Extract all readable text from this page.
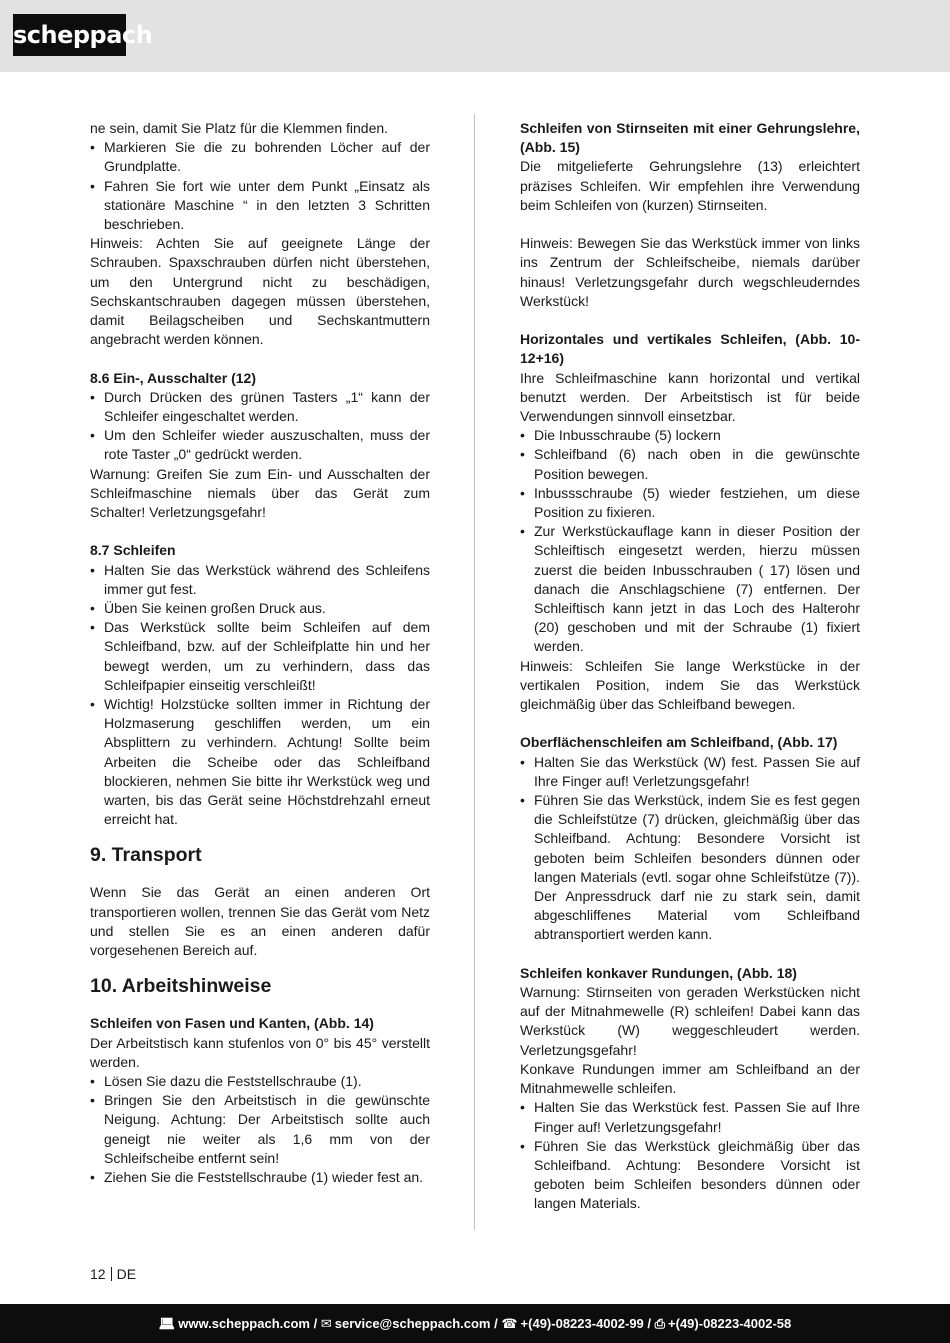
scheppach

ne sein, damit Sie Platz für die Klemmen finden.

• Markieren Sie die zu bohrenden Löcher auf der Grundplatte.
• Fahren Sie fort wie unter dem Punkt „Einsatz als stationäre Maschine “ in den letzten 3 Schritten beschrieben.

Hinweis: Achten Sie auf geeignete Länge der Schrauben. Spaxschrauben dürfen nicht überstehen, um den Untergrund nicht zu beschädigen, Sechskantschrauben dagegen müssen überstehen, damit Beilagscheiben und Sechskantmuttern angebracht werden können.

8.6 Ein-, Ausschalter (12)
• Durch Drücken des grünen Tasters „1“ kann der Schleifer eingeschaltet werden.
• Um den Schleifer wieder auszuschalten, muss der rote Taster „0“ gedrückt werden.

Warnung: Greifen Sie zum Ein- und Ausschalten der Schleifmaschine niemals über das Gerät zum Schalter! Verletzungsgefahr!

8.7 Schleifen
• Halten Sie das Werkstück während des Schleifens immer gut fest.
• Üben Sie keinen großen Druck aus.
• Das Werkstück sollte beim Schleifen auf dem Schleifband, bzw. auf der Schleifplatte hin und her bewegt werden, um zu verhindern, dass das Schleifpapier einseitig verschleißt!
• Wichtig! Holzstücke sollten immer in Richtung der Holzmaserung geschliffen werden, um ein Absplittern zu verhindern. Achtung! Sollte beim Arbeiten die Scheibe oder das Schleifband blockieren, nehmen Sie bitte ihr Werkstück weg und warten, bis das Gerät seine Höchstdrehzahl erneut erreicht hat.
9. Transport

Wenn Sie das Gerät an einen anderen Ort transportieren wollen, trennen Sie das Gerät vom Netz und stellen Sie es an einen anderen dafür vorgesehenen Bereich auf.

10. Arbeitshinweise
Schleifen von Fasen und Kanten, (Abb. 14)

Der Arbeitstisch kann stufenlos von 0° bis 45° verstellt werden.

• Lösen Sie dazu die Feststellschraube (1).
• Bringen Sie den Arbeitstisch in die gewünschte Neigung. Achtung: Der Arbeitstisch sollte auch geneigt nie weiter als 1,6 mm von der Schleifscheibe entfernt sein!
• Ziehen Sie die Feststellschraube (1) wieder fest an.
Schleifen von Stirnseiten mit einer Gehrungslehre, (Abb. 15)

Die mitgelieferte Gehrungslehre (13) erleichtert präzises Schleifen. Wir empfehlen ihre Verwendung beim Schleifen von (kurzen) Stirnseiten.

Hinweis: Bewegen Sie das Werkstück immer von links ins Zentrum der Schleifscheibe, niemals darüber hinaus! Verletzungsgefahr durch wegschleuderndes Werkstück!

Horizontales und vertikales Schleifen, (Abb. 10-12+16)

Ihre Schleifmaschine kann horizontal und vertikal benutzt werden. Der Arbeitstisch ist für beide Verwendungen sinnvoll einsetzbar.

• Die Inbusschraube (5) lockern
• Schleifband (6) nach oben in die gewünschte Position bewegen.
• Inbussschraube (5) wieder festziehen, um diese Position zu fixieren.
• Zur Werkstückauflage kann in dieser Position der Schleiftisch eingesetzt werden, hierzu müssen zuerst die beiden Inbusschrauben ( 17) lösen und danach die Anschlagschiene (7) entfernen. Der Schleiftisch kann jetzt in das Loch des Halterohr (20) geschoben und mit der Schraube (1) fixiert werden.

Hinweis: Schleifen Sie lange Werkstücke in der vertikalen Position, indem Sie das Werkstück gleichmäßig über das Schleifband bewegen.

Oberflächenschleifen am Schleifband, (Abb. 17)
• Halten Sie das Werkstück (W) fest. Passen Sie auf Ihre Finger auf! Verletzungsgefahr!
• Führen Sie das Werkstück, indem Sie es fest gegen die Schleifstütze (7) drücken, gleichmäßig über das Schleifband. Achtung: Besondere Vorsicht ist geboten beim Schleifen besonders dünnen oder langen Materials (evtl. sogar ohne Schleifstütze (7)). Der Anpressdruck darf nie zu stark sein, damit abgeschliffenes Material vom Schleifband abtransportiert werden kann.
Schleifen konkaver Rundungen, (Abb. 18)

Warnung: Stirnseiten von geraden Werkstücken nicht auf der Mitnahmewelle (R) schleifen! Dabei kann das Werkstück (W) weggeschleudert werden. Verletzungsgefahr!

Konkave Rundungen immer am Schleifband an der Mitnahmewelle schleifen.

• Halten Sie das Werkstück fest. Passen Sie auf Ihre Finger auf! Verletzungsgefahr!
• Führen Sie das Werkstück gleichmäßig über das Schleifband. Achtung: Besondere Vorsicht ist geboten beim Schleifen besonders dünnen oder langen Materials.
12 DE
💻︎ www.scheppach.com / ✉︎ service@scheppach.com / ☎︎ +(49)-08223-4002-99 / ⎙ +(49)-08223-4002-58
